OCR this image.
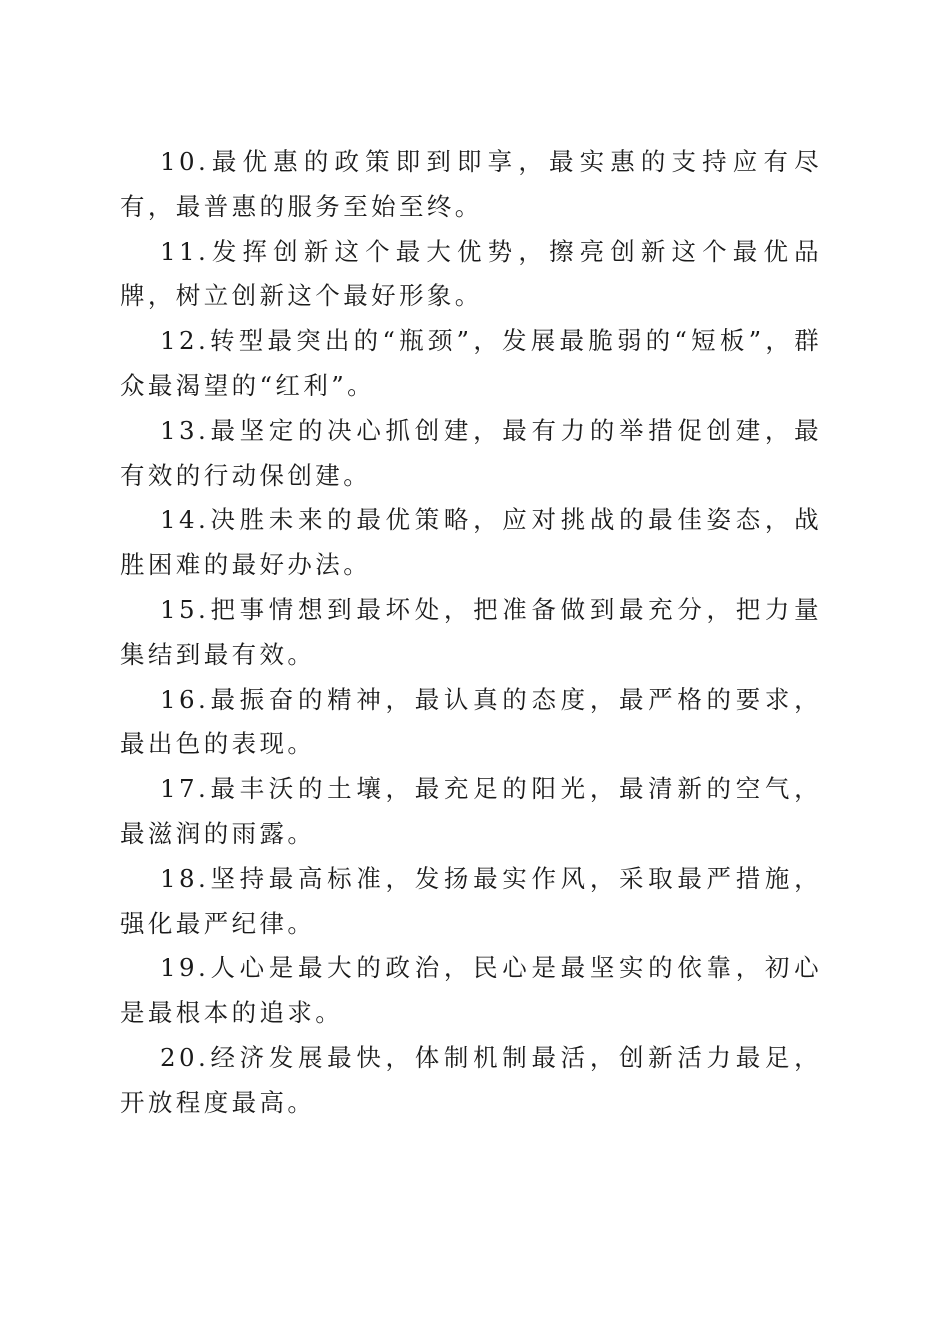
10.最优惠的政策即到即享，最实惠的支持应有尽有，最普惠的服务至始至终。

11.发挥创新这个最大优势，擦亮创新这个最优品牌，树立创新这个最好形象。

12.转型最突出的“瓶颈”，发展最脆弱的“短板”，群众最渴望的“红利”。

13.最坚定的决心抓创建，最有力的举措促创建，最有效的行动保创建。

14.决胜未来的最优策略，应对挑战的最佳姿态，战胜困难的最好办法。

15.把事情想到最坏处，把准备做到最充分，把力量集结到最有效。

16.最振奋的精神，最认真的态度，最严格的要求，最出色的表现。

17.最丰沃的土壤，最充足的阳光，最清新的空气，最滋润的雨露。

18.坚持最高标准，发扬最实作风，采取最严措施，强化最严纪律。

19.人心是最大的政治，民心是最坚实的依靠，初心是最根本的追求。

20.经济发展最快，体制机制最活，创新活力最足，开放程度最高。
